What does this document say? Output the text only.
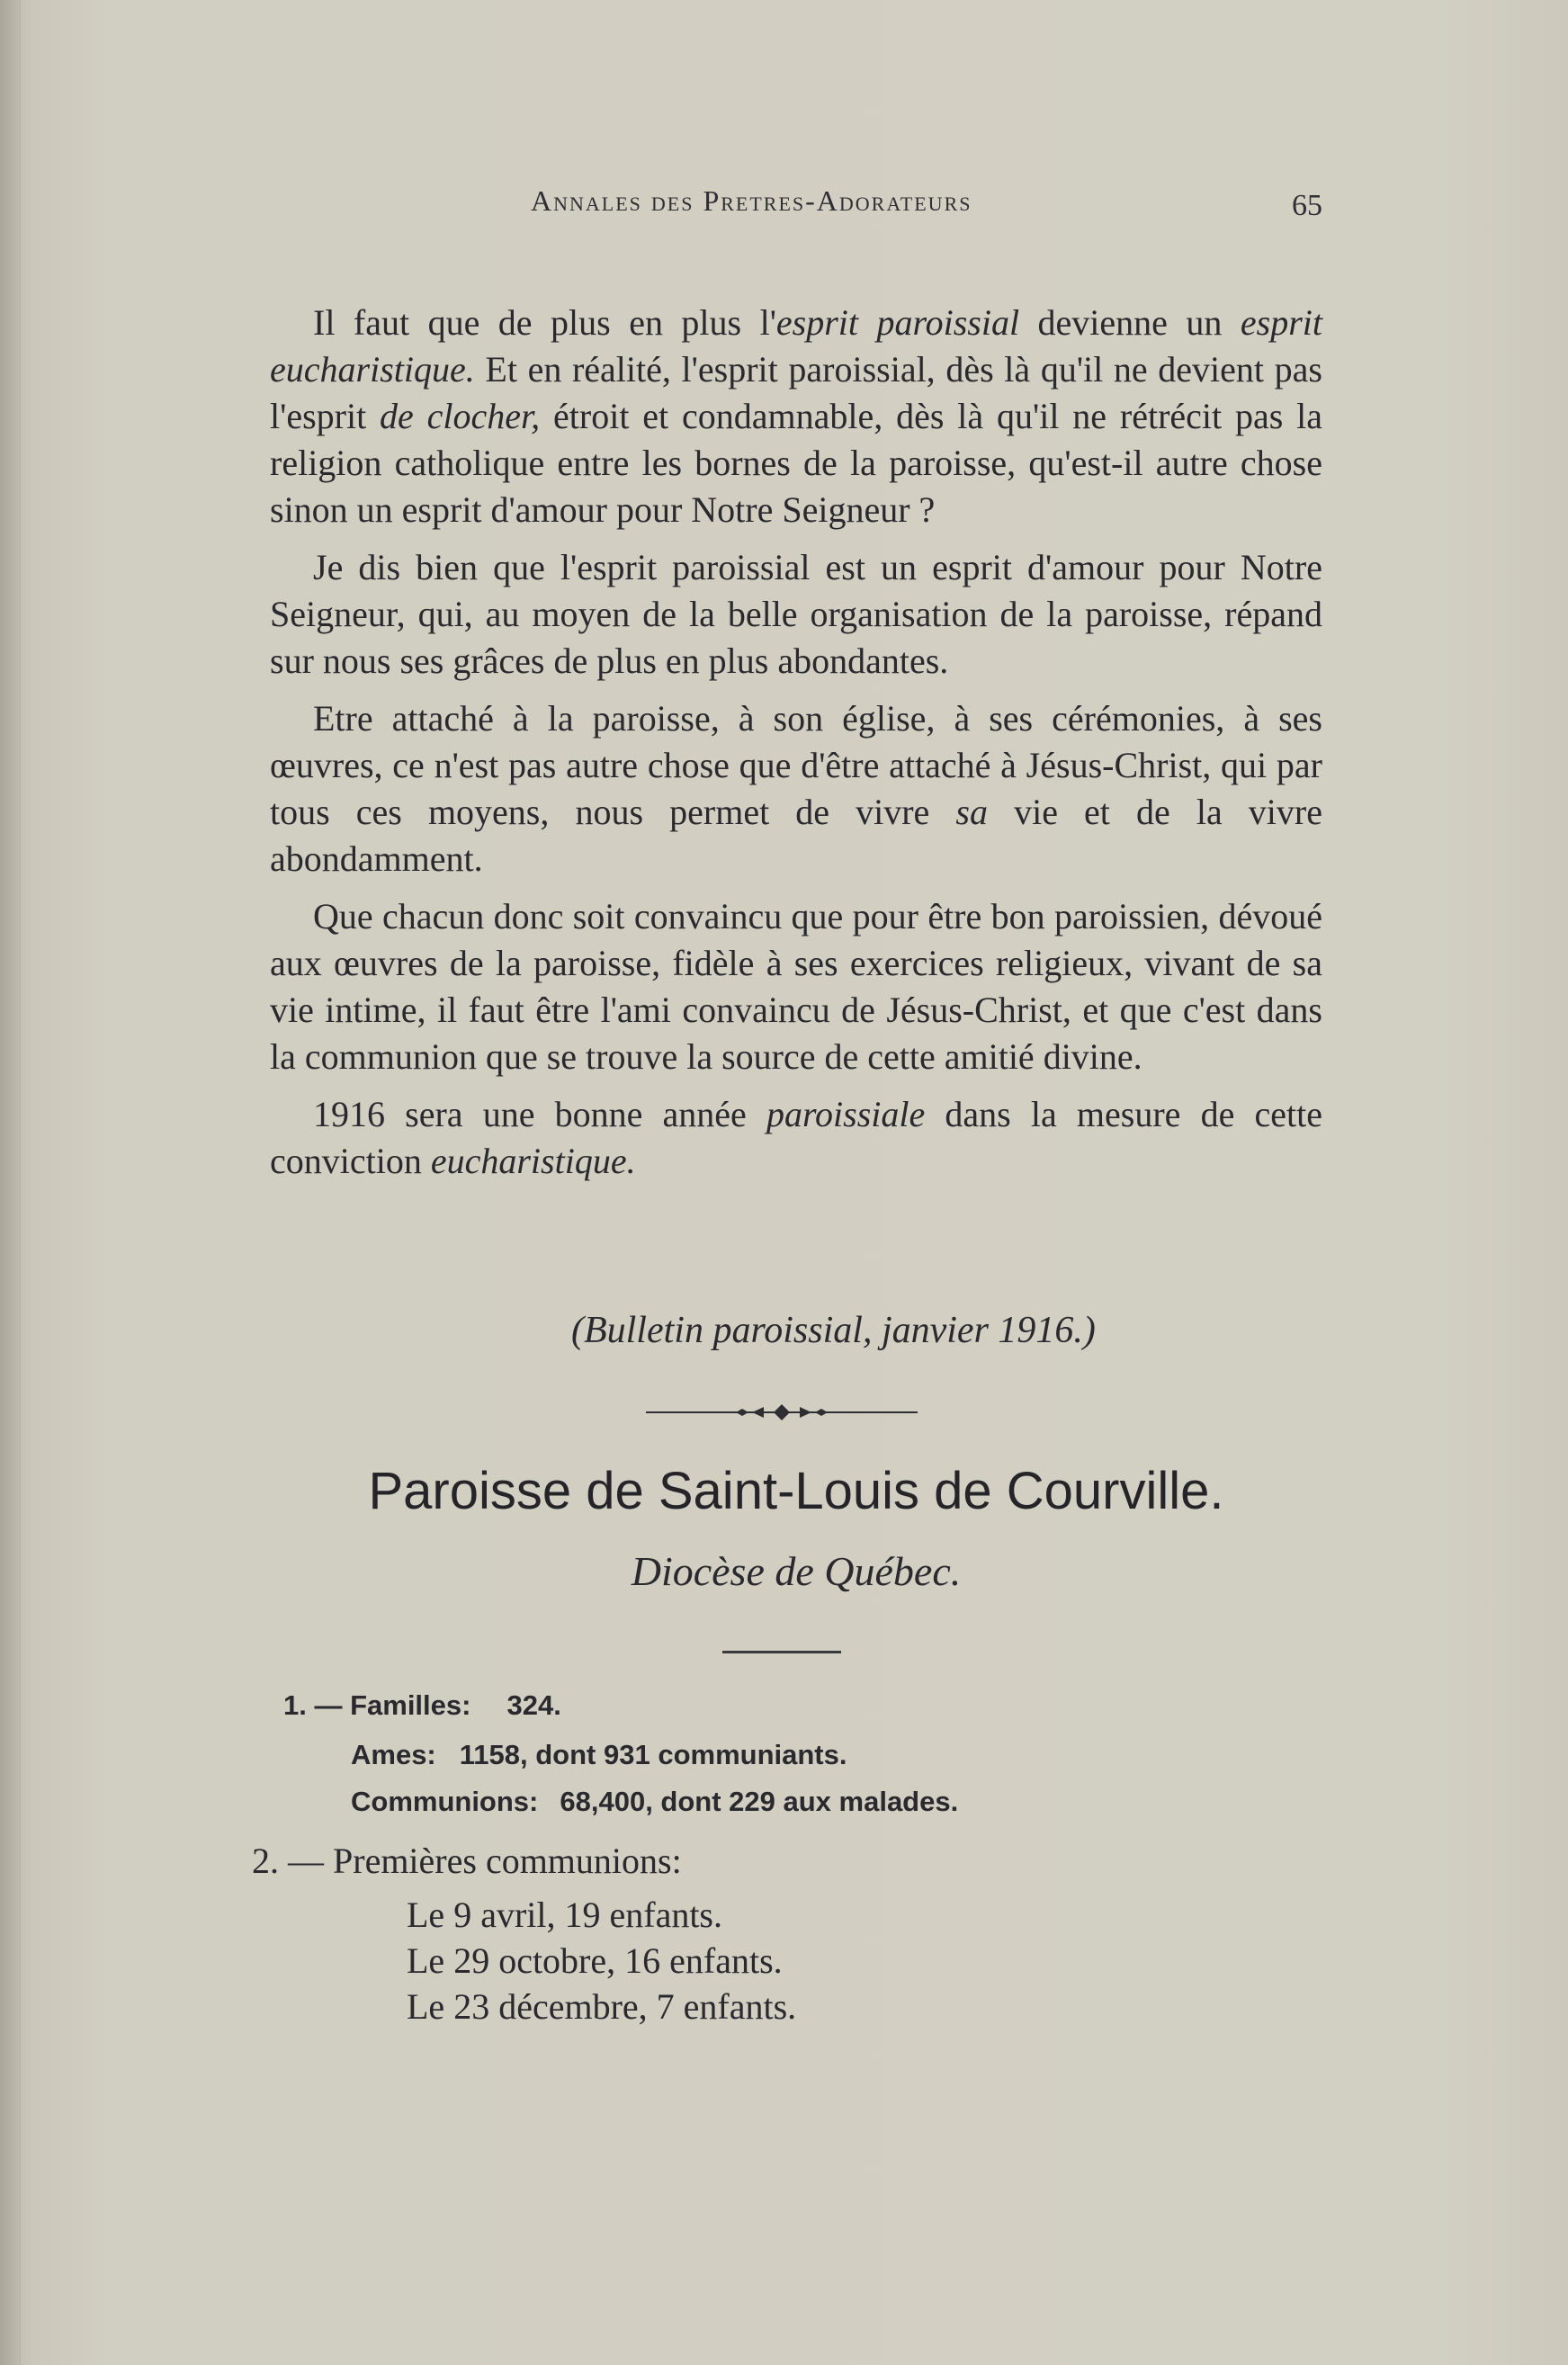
Annales des Pretres-Adorateurs	65

Il faut que de plus en plus l'esprit paroissial devienne un esprit eucharistique. Et en réalité, l'esprit paroissial, dès là qu'il ne devient pas l'esprit de clocher, étroit et condamnable, dès là qu'il ne rétrécit pas la religion catholique entre les bornes de la paroisse, qu'est-il autre chose sinon un esprit d'amour pour Notre Seigneur ?

Je dis bien que l'esprit paroissial est un esprit d'amour pour Notre Seigneur, qui, au moyen de la belle organisation de la paroisse, répand sur nous ses grâces de plus en plus abondantes.

Etre attaché à la paroisse, à son église, à ses cérémonies, à ses œuvres, ce n'est pas autre chose que d'être attaché à Jésus-Christ, qui par tous ces moyens, nous permet de vivre sa vie et de la vivre abondamment.

Que chacun donc soit convaincu que pour être bon paroissien, dévoué aux œuvres de la paroisse, fidèle à ses exercices religieux, vivant de sa vie intime, il faut être l'ami convaincu de Jésus-Christ, et que c'est dans la communion que se trouve la source de cette amitié divine.

1916 sera une bonne année paroissiale dans la mesure de cette conviction eucharistique.

(Bulletin paroissial, janvier 1916.)
Paroisse de Saint-Louis de Courville.
Diocèse de Québec.
1. — Familles: 324.
Ames: 1158, dont 931 communiants.
Communions: 68,400, dont 229 aux malades.
2. — Premières communions:
Le 9 avril, 19 enfants.
Le 29 octobre, 16 enfants.
Le 23 décembre, 7 enfants.
